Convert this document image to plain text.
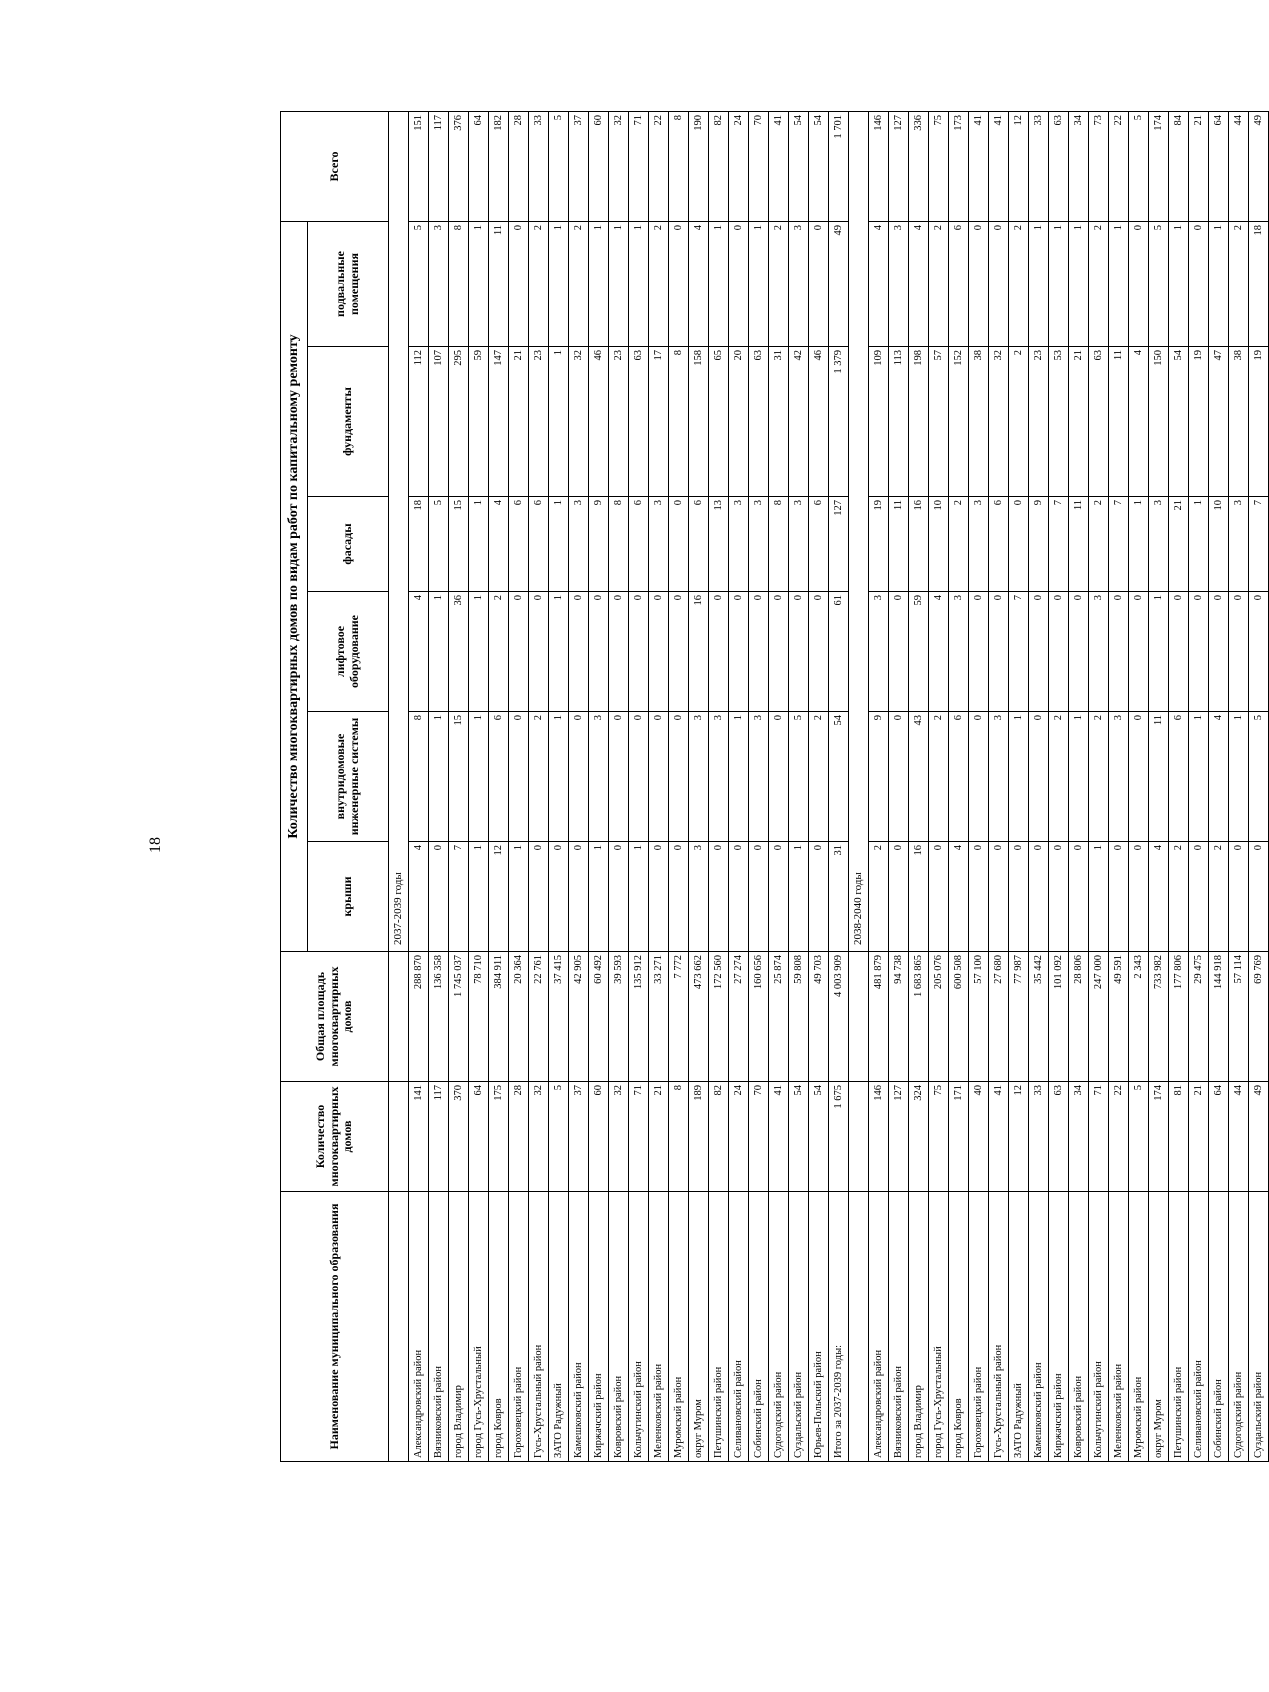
18
Наименование муниципального образования	Количество многоквартирных домов	Общая площадь многоквартирных домов	Количество многоквартирных домов по видам работ по капитальному ремонту						Всего
			крыши	внутридомовые инженерные системы	лифтовое оборудование	фасады	фундаменты	подвальные помещения	
			2037-2039 годы						
Александровский район	141	288 870	4	8	4	18	112	5	151
Вязниковский район	117	136 358	0	1	1	5	107	3	117
город Владимир	370	1 745 037	7	15	36	15	295	8	376
город Гусь-Хрустальный	64	78 710	1	1	1	1	59	1	64
город Ковров	175	384 911	12	6	2	4	147	11	182
Гороховецкий район	28	20 364	1	0	0	6	21	0	28
Гусь-Хрустальный район	32	22 761	0	2	0	6	23	2	33
ЗАТО Радужный	5	37 415	0	1	1	1	1	1	5
Камешковский район	37	42 905	0	0	0	3	32	2	37
Киржачский район	60	60 492	1	3	0	9	46	1	60
Ковровский район	32	39 593	0	0	0	8	23	1	32
Кольчугинский район	71	135 912	1	0	0	6	63	1	71
Меленковский район	21	33 271	0	0	0	3	17	2	22
Муромский район	8	7 772	0	0	0	0	8	0	8
округ Муром	189	473 662	3	3	16	6	158	4	190
Петушинский район	82	172 560	0	3	0	13	65	1	82
Селивановский район	24	27 274	0	1	0	3	20	0	24
Собинский район	70	160 656	0	3	0	3	63	1	70
Судогодский район	41	25 874	0	0	0	8	31	2	41
Суздальский район	54	59 808	1	5	0	3	42	3	54
Юрьев-Польский район	54	49 703	0	2	0	6	46	0	54
Итого за 2037-2039 годы:	1 675	4 003 909	31	54	61	127	1 379	49	1 701
			2038-2040 годы						
Александровский район	146	481 879	2	9	3	19	109	4	146
Вязниковский район	127	94 738	0	0	0	11	113	3	127
город Владимир	324	1 683 865	16	43	59	16	198	4	336
город Гусь-Хрустальный	75	205 076	0	2	4	10	57	2	75
город Ковров	171	600 508	4	6	3	2	152	6	173
Гороховецкий район	40	57 100	0	0	0	3	38	0	41
Гусь-Хрустальный район	41	27 680	0	3	0	6	32	0	41
ЗАТО Радужный	12	77 987	0	1	7	0	2	2	12
Камешковский район	33	35 442	0	0	0	9	23	1	33
Киржачский район	63	101 092	0	2	0	7	53	1	63
Ковровский район	34	28 806	0	1	0	11	21	1	34
Кольчугинский район	71	247 000	1	2	3	2	63	2	73
Меленковский район	22	49 591	0	3	0	7	11	1	22
Муромский район	5	2 343	0	0	0	1	4	0	5
округ Муром	174	733 982	4	11	1	3	150	5	174
Петушинский район	81	177 806	2	6	0	21	54	1	84
Селивановский район	21	29 475	0	1	0	1	19	0	21
Собинский район	64	144 918	2	4	0	10	47	1	64
Судогодский район	44	57 114	0	1	0	3	38	2	44
Суздальский район	49	69 769	0	5	0	7	19	18	49
